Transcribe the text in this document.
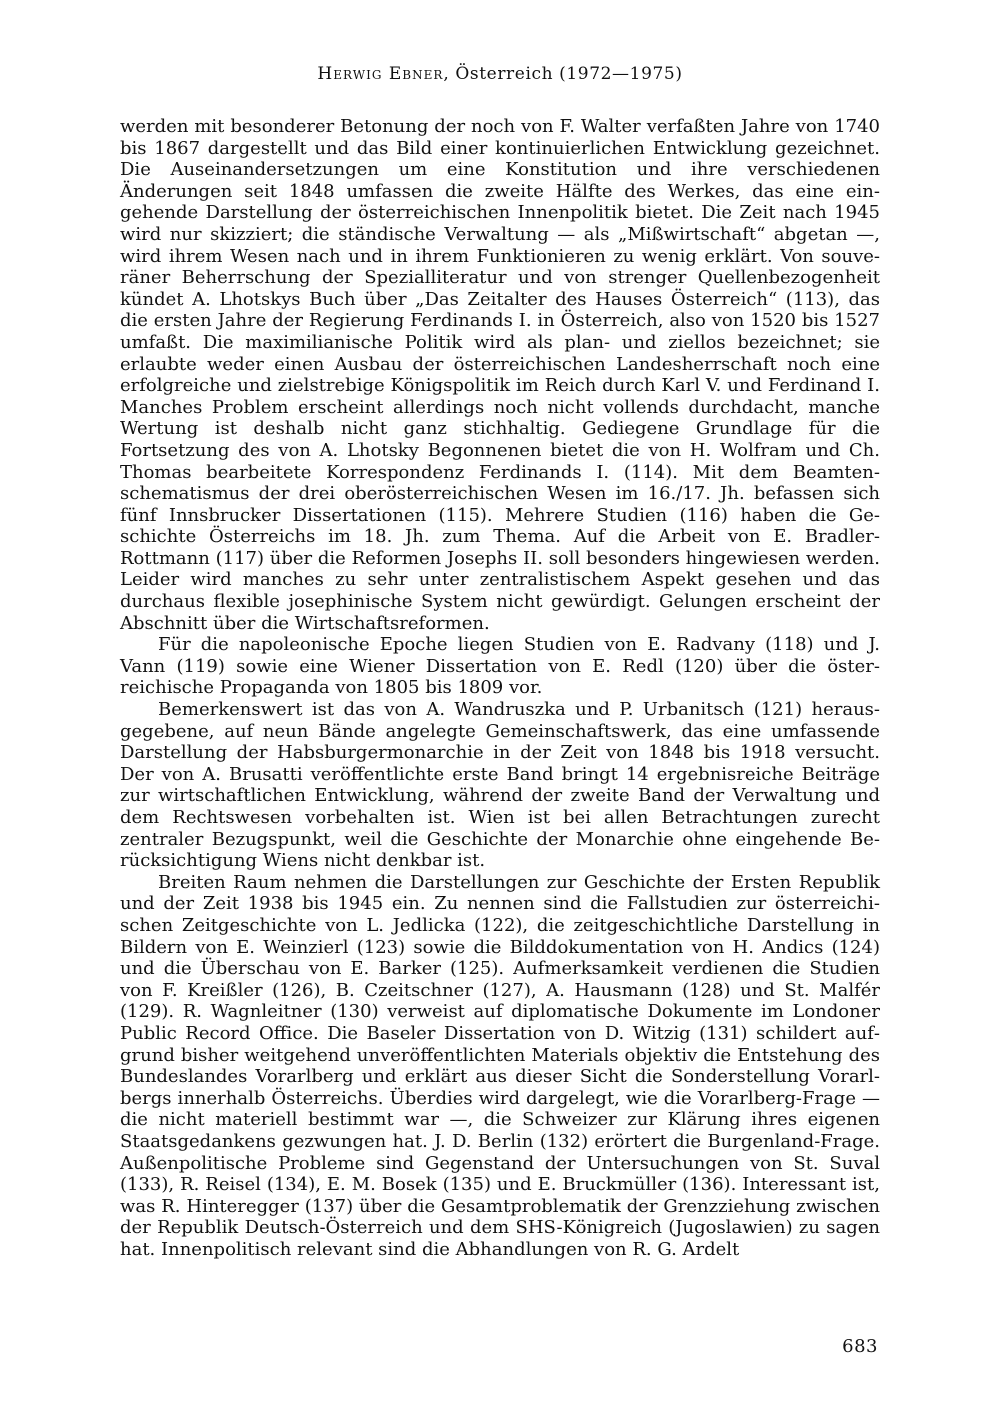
Herwig Ebner, Österreich (1972—1975)

werden mit besonderer Betonung der noch von F. Walter verfaßten Jahre von 1740 bis 1867 dargestellt und das Bild einer kontinuierlichen Entwicklung gezeichnet. Die Auseinandersetzungen um eine Konstitution und ihre verschiedenen Änderungen seit 1848 umfassen die zweite Hälfte des Werkes, das eine eingehende Darstellung der österreichischen Innenpolitik bietet. Die Zeit nach 1945 wird nur skizziert; die ständische Verwaltung — als „Mißwirtschaft“ abgetan —, wird ihrem Wesen nach und in ihrem Funktionieren zu wenig erklärt. Von souveräner Beherrschung der Spezialliteratur und von strenger Quellenbezogenheit kündet A. Lhotskys Buch über „Das Zeitalter des Hauses Österreich“ (113), das die ersten Jahre der Regierung Ferdinands I. in Österreich, also von 1520 bis 1527 umfaßt. Die maximilianische Politik wird als plan- und ziellos bezeichnet; sie erlaubte weder einen Ausbau der österreichischen Landesherrschaft noch eine erfolgreiche und zielstrebige Königspolitik im Reich durch Karl V. und Ferdinand I. Manches Problem erscheint allerdings noch nicht vollends durchdacht, manche Wertung ist deshalb nicht ganz stichhaltig. Gediegene Grundlage für die Fortsetzung des von A. Lhotsky Begonnenen bietet die von H. Wolfram und Ch. Thomas bearbeitete Korrespondenz Ferdinands I. (114). Mit dem Beamtenschematismus der drei oberösterreichischen Wesen im 16./17. Jh. befassen sich fünf Innsbrucker Dissertationen (115). Mehrere Studien (116) haben die Geschichte Österreichs im 18. Jh. zum Thema. Auf die Arbeit von E. Bradler-Rottmann (117) über die Reformen Josephs II. soll besonders hingewiesen werden. Leider wird manches zu sehr unter zentralistischem Aspekt gesehen und das durchaus flexible josephinische System nicht gewürdigt. Gelungen erscheint der Abschnitt über die Wirtschaftsreformen.

Für die napoleonische Epoche liegen Studien von E. Radvany (118) und J. Vann (119) sowie eine Wiener Dissertation von E. Redl (120) über die österreichische Propaganda von 1805 bis 1809 vor.

Bemerkenswert ist das von A. Wandruszka und P. Urbanitsch (121) herausgegebene, auf neun Bände angelegte Gemeinschaftswerk, das eine umfassende Darstellung der Habsburgermonarchie in der Zeit von 1848 bis 1918 versucht. Der von A. Brusatti veröffentlichte erste Band bringt 14 ergebnisreiche Beiträge zur wirtschaftlichen Entwicklung, während der zweite Band der Verwaltung und dem Rechtswesen vorbehalten ist. Wien ist bei allen Betrachtungen zurecht zentraler Bezugspunkt, weil die Geschichte der Monarchie ohne eingehende Berücksichtigung Wiens nicht denkbar ist.

Breiten Raum nehmen die Darstellungen zur Geschichte der Ersten Republik und der Zeit 1938 bis 1945 ein. Zu nennen sind die Fallstudien zur österreichischen Zeitgeschichte von L. Jedlicka (122), die zeitgeschichtliche Darstellung in Bildern von E. Weinzierl (123) sowie die Bilddokumentation von H. Andics (124) und die Überschau von E. Barker (125). Aufmerksamkeit verdienen die Studien von F. Kreißler (126), B. Czeitschner (127), A. Hausmann (128) und St. Malfér (129). R. Wagnleitner (130) verweist auf diplomatische Dokumente im Londoner Public Record Office. Die Baseler Dissertation von D. Witzig (131) schildert aufgrund bisher weitgehend unveröffentlichten Materials objektiv die Entstehung des Bundeslandes Vorarlberg und erklärt aus dieser Sicht die Sonderstellung Vorarlbergs innerhalb Österreichs. Überdies wird dargelegt, wie die Vorarlberg-Frage — die nicht materiell bestimmt war —, die Schweizer zur Klärung ihres eigenen Staatsgedankens gezwungen hat. J. D. Berlin (132) erörtert die Burgenland-Frage. Außenpolitische Probleme sind Gegenstand der Untersuchungen von St. Suval (133), R. Reisel (134), E. M. Bosek (135) und E. Bruckmüller (136). Interessant ist, was R. Hinteregger (137) über die Gesamtproblematik der Grenzziehung zwischen der Republik Deutsch-Österreich und dem SHS-Königreich (Jugoslawien) zu sagen hat. Innenpolitisch relevant sind die Abhandlungen von R. G. Ardelt

683
